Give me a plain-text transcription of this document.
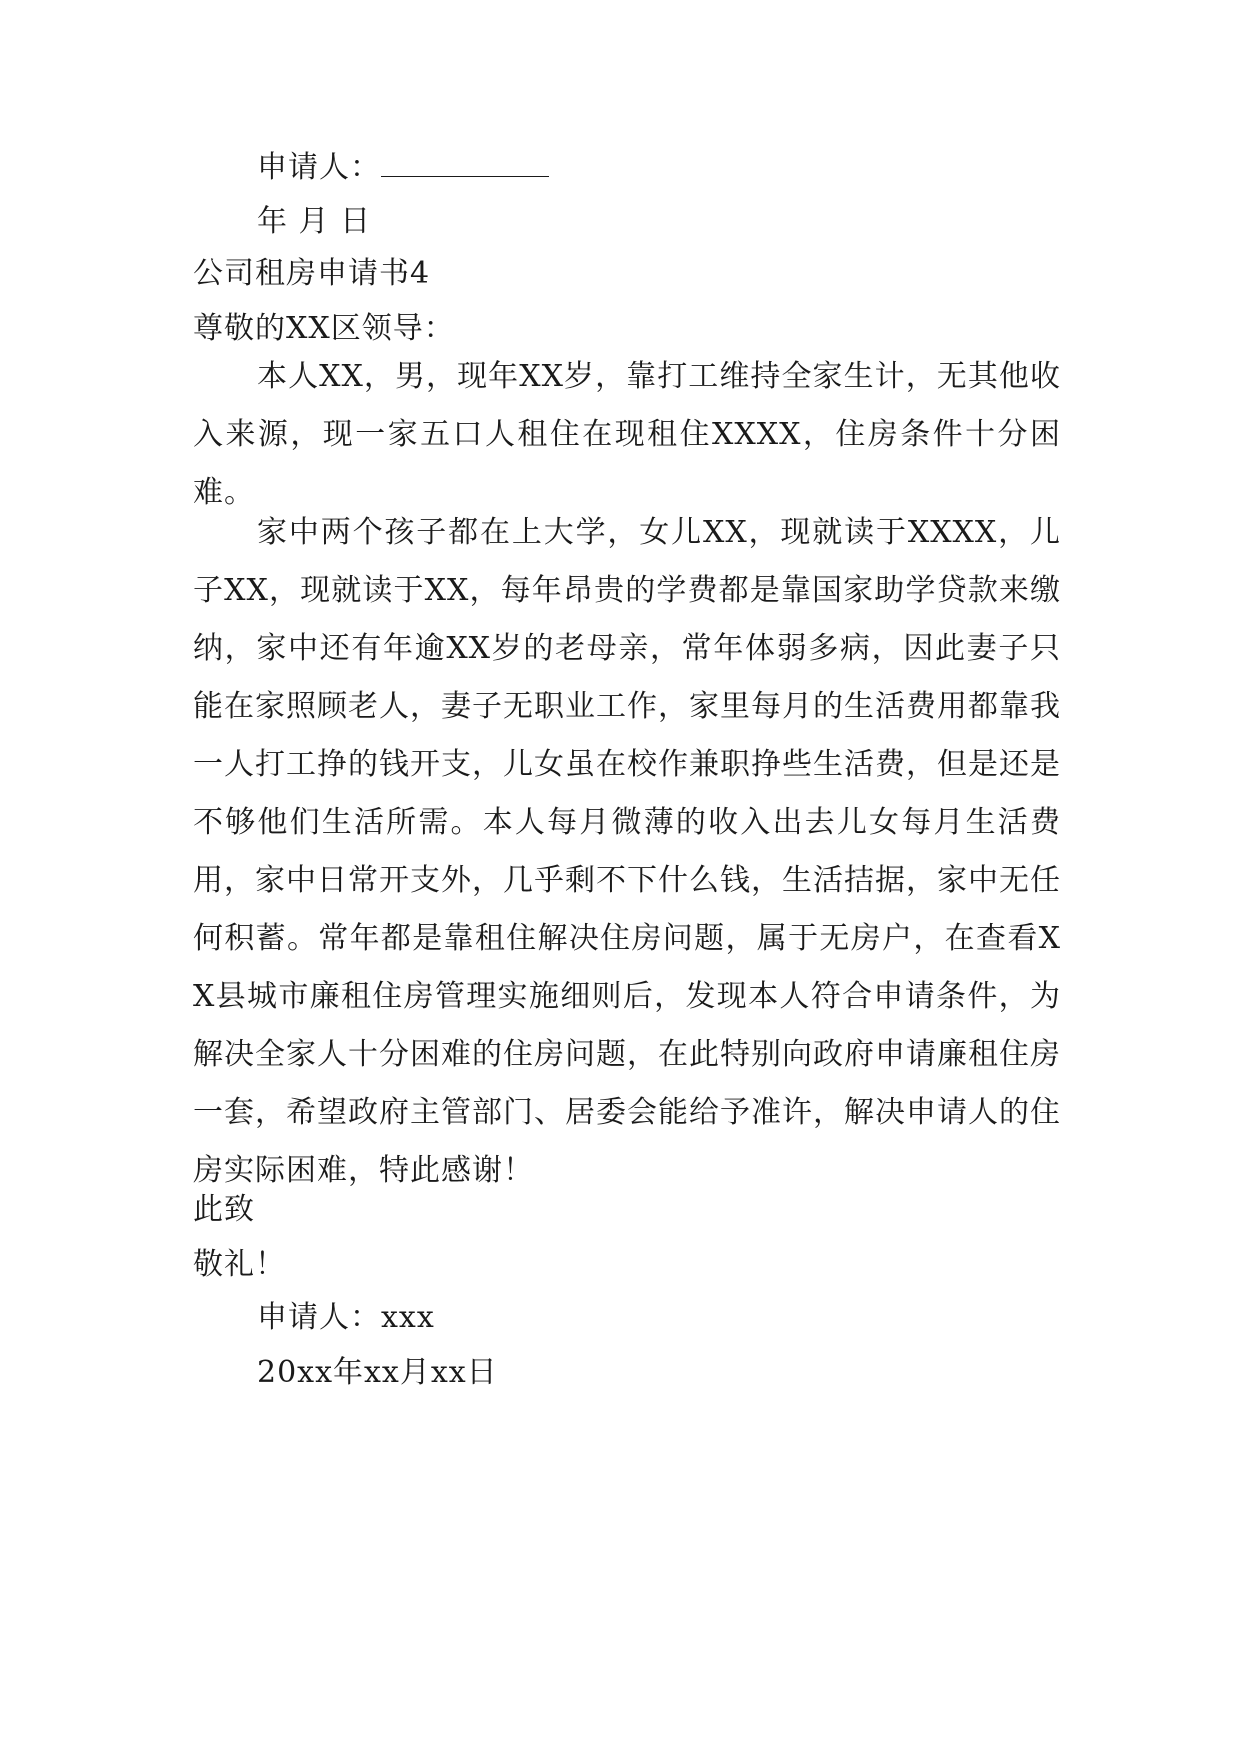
申请人：
年 月 日
公司租房申请书4
尊敬的XX区领导：
本人XX，男，现年XX岁，靠打工维持全家生计，无其他收入来源，现一家五口人租住在现租住XXXX，住房条件十分困难。
家中两个孩子都在上大学，女儿XX，现就读于XXXX，儿子XX，现就读于XX，每年昂贵的学费都是靠国家助学贷款来缴纳，家中还有年逾XX岁的老母亲，常年体弱多病，因此妻子只能在家照顾老人，妻子无职业工作，家里每月的生活费用都靠我一人打工挣的钱开支，儿女虽在校作兼职挣些生活费，但是还是不够他们生活所需。本人每月微薄的收入出去儿女每月生活费用，家中日常开支外，几乎剩不下什么钱，生活拮据，家中无任何积蓄。常年都是靠租住解决住房问题，属于无房户，在查看XX县城市廉租住房管理实施细则后，发现本人符合申请条件，为解决全家人十分困难的住房问题，在此特别向政府申请廉租住房一套，希望政府主管部门、居委会能给予准许，解决申请人的住房实际困难，特此感谢！
此致
敬礼！
申请人：xxx
20xx年xx月xx日
